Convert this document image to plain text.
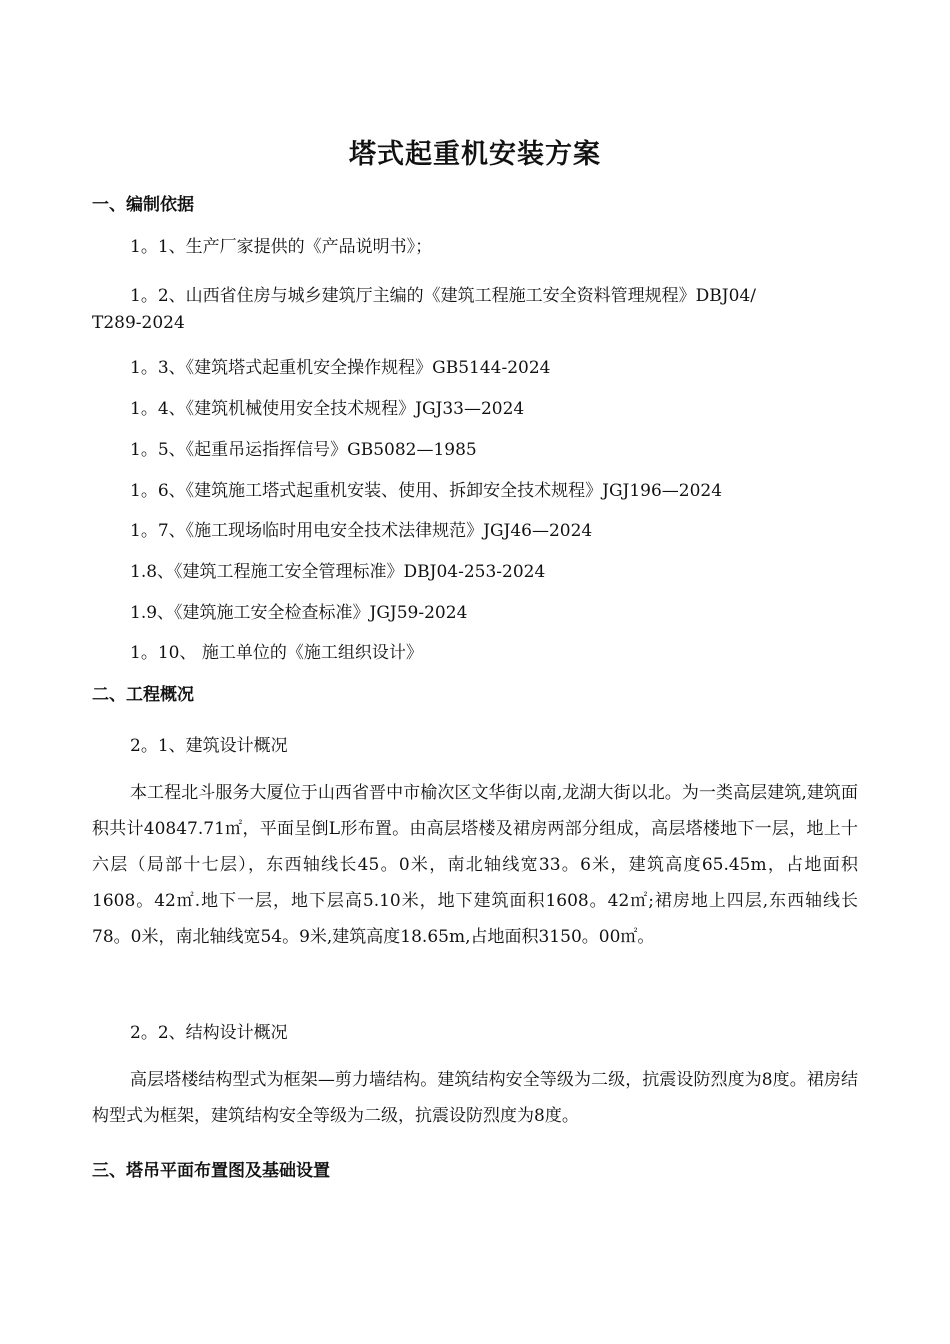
塔式起重机安装方案
一、编制依据
1。1、生产厂家提供的《产品说明书》；
1。2、山西省住房与城乡建筑厅主编的《建筑工程施工安全资料管理规程》DBJ04/
T289-2024
1。3、《建筑塔式起重机安全操作规程》GB5144-2024
1。4、《建筑机械使用安全技术规程》JGJ33—2024
1。5、《起重吊运指挥信号》GB5082—1985
1。6、《建筑施工塔式起重机安装、使用、拆卸安全技术规程》JGJ196—2024
1。7、《施工现场临时用电安全技术法律规范》JGJ46—2024
1.8、《建筑工程施工安全管理标准》DBJ04-253-2024
1.9、《建筑施工安全检查标准》JGJ59-2024
1。10、 施工单位的《施工组织设计》
二、工程概况
2。1、建筑设计概况
本工程北斗服务大厦位于山西省晋中市榆次区文华街以南,龙湖大街以北。为一类高层建筑,建筑面积共计40847.71㎡，平面呈倒L形布置。由高层塔楼及裙房两部分组成，高层塔楼地下一层，地上十六层（局部十七层），东西轴线长45。0米，南北轴线宽33。6米，建筑高度65.45m，占地面积1608。42㎡.地下一层，地下层高5.10米，地下建筑面积1608。42㎡;裙房地上四层,东西轴线长78。0米，南北轴线宽54。9米,建筑高度18.65m,占地面积3150。00㎡。
2。2、结构设计概况
高层塔楼结构型式为框架—剪力墙结构。建筑结构安全等级为二级，抗震设防烈度为8度。裙房结构型式为框架，建筑结构安全等级为二级，抗震设防烈度为8度。
三、塔吊平面布置图及基础设置
